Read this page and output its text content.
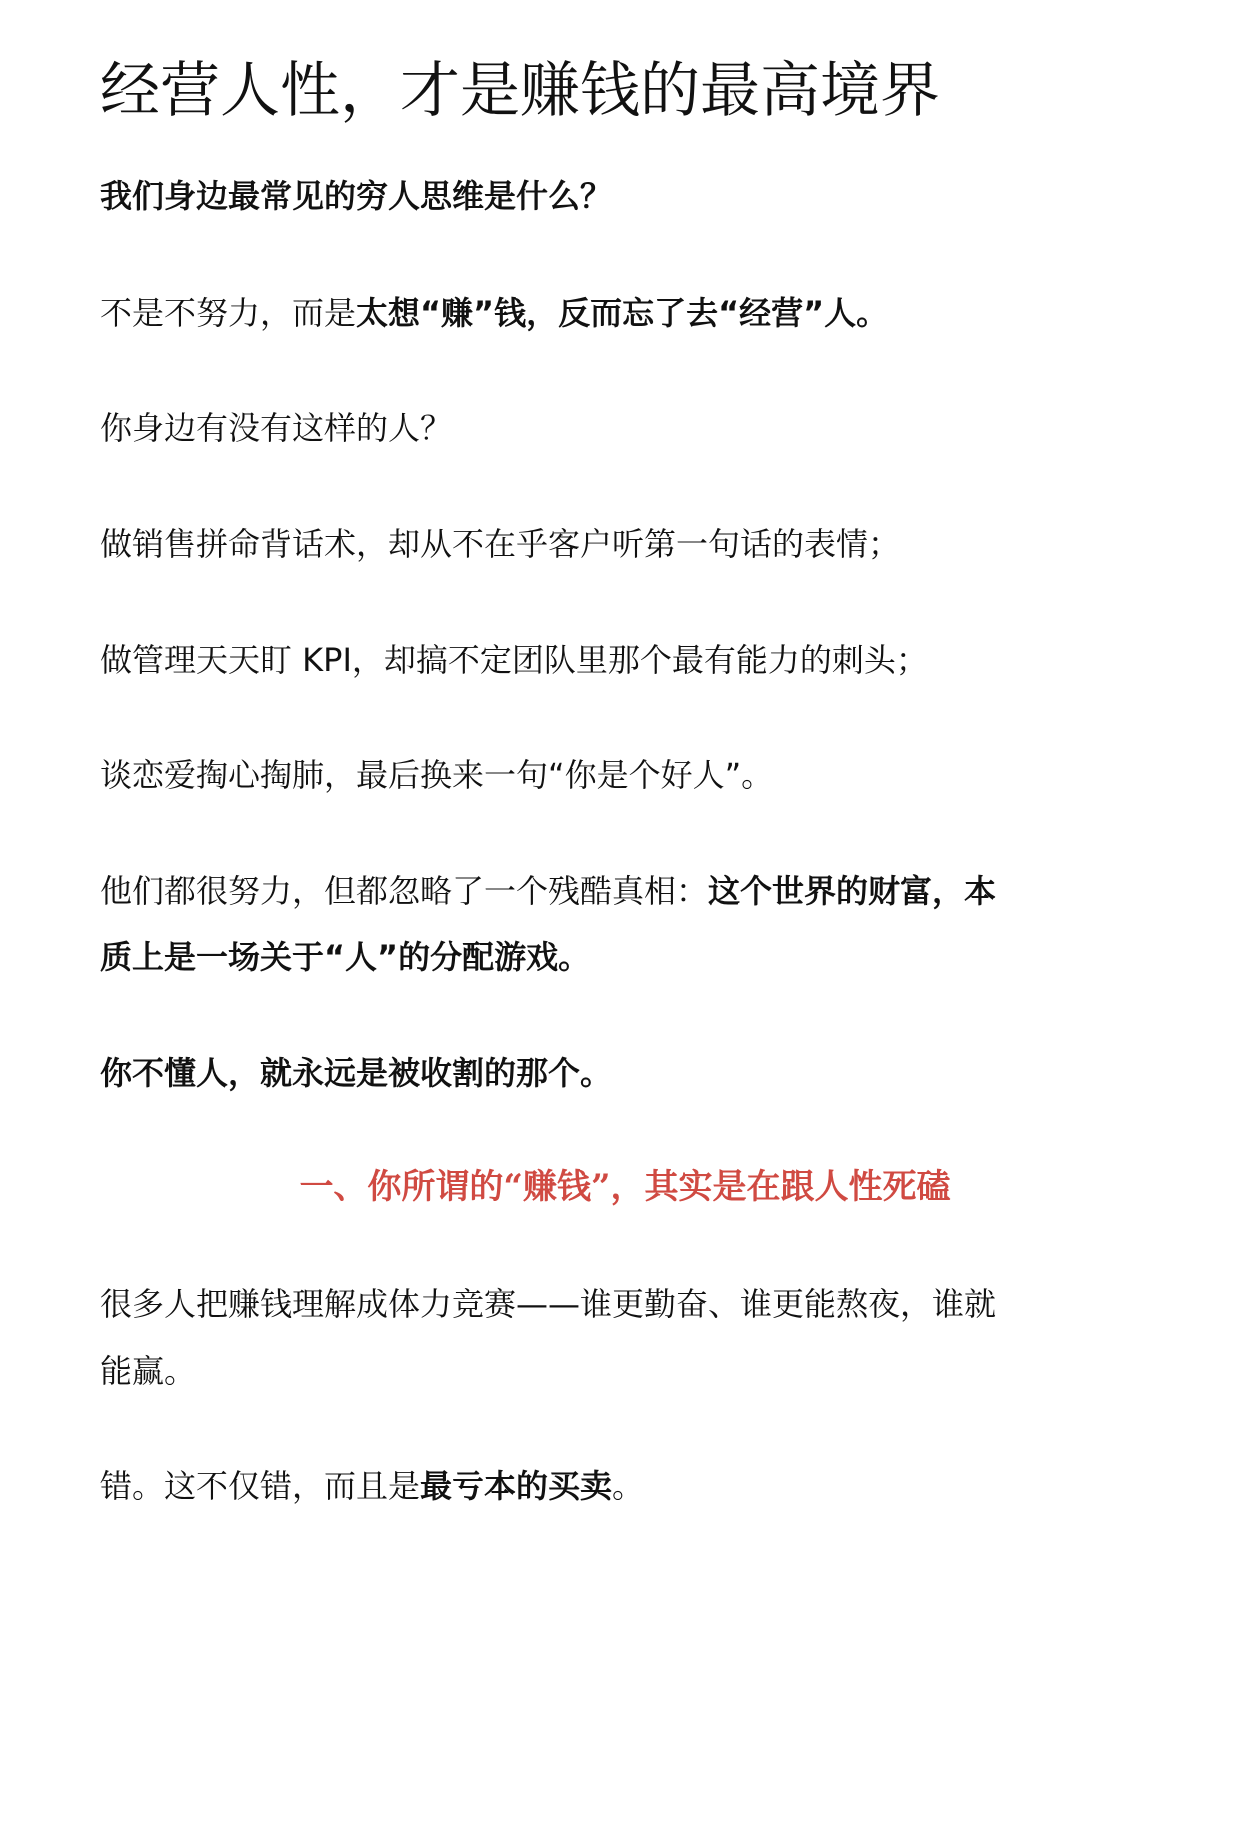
经营人性，才是赚钱的最高境界

我们身边最常见的穷人思维是什么？

不是不努力，而是太想“赚”钱，反而忘了去“经营”人。

你身边有没有这样的人？

做销售拼命背话术，却从不在乎客户听第一句话的表情；

做管理天天盯 KPI，却搞不定团队里那个最有能力的刺头；

谈恋爱掏心掏肺，最后换来一句“你是个好人”。

他们都很努力，但都忽略了一个残酷真相：这个世界的财富，本

质上是一场关于“人”的分配游戏。

你不懂人，就永远是被收割的那个。

一、你所谓的“赚钱”，其实是在跟人性死磕

很多人把赚钱理解成体力竞赛——谁更勤奋、谁更能熬夜，谁就

能赢。

错。这不仅错，而且是最亏本的买卖。
